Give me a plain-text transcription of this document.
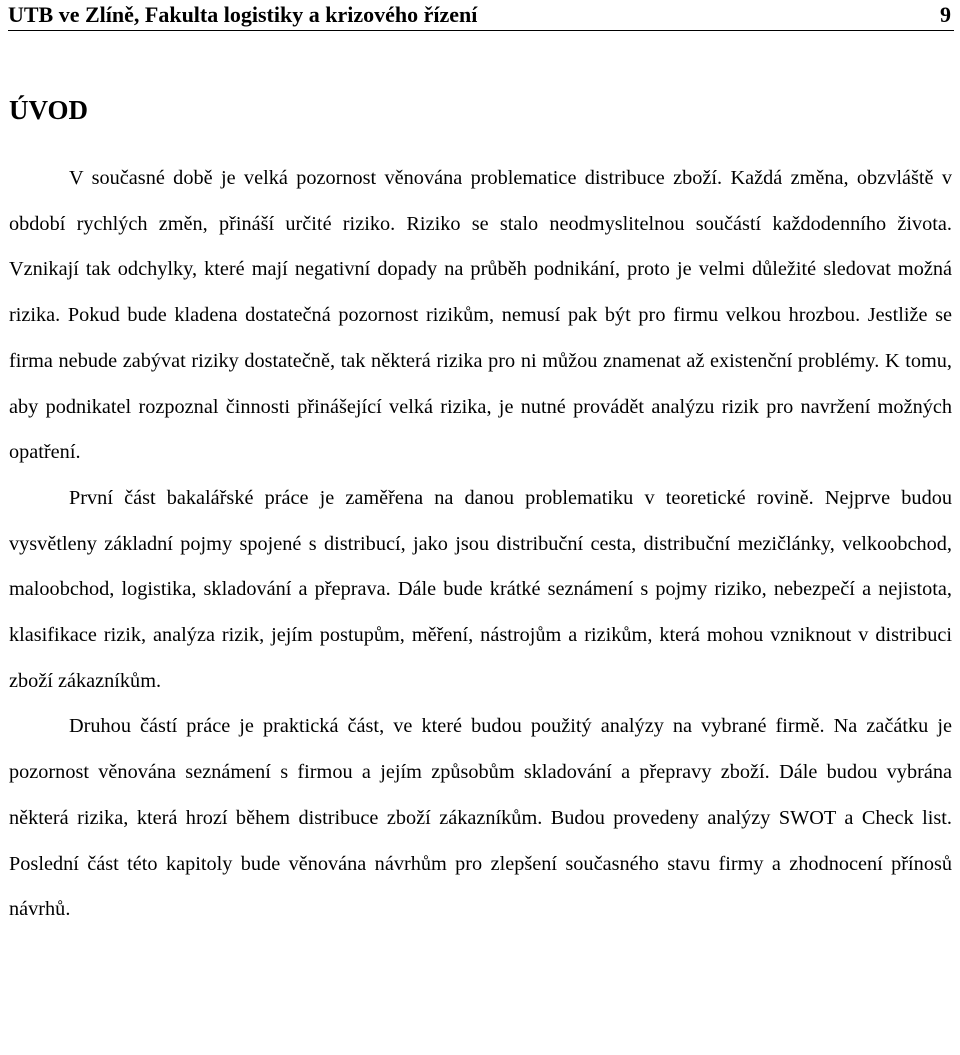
UTB ve Zlíně, Fakulta logistiky a krizového řízení	9
ÚVOD

V současné době je velká pozornost věnována problematice distribuce zboží. Každá změna, obzvláště v období rychlých změn, přináší určité riziko. Riziko se stalo neodmyslitelnou součástí každodenního života. Vznikají tak odchylky, které mají negativní dopady na průběh podnikání, proto je velmi důležité sledovat možná rizika. Pokud bude kladena dostatečná pozornost rizikům, nemusí pak být pro firmu velkou hrozbou. Jestliže se firma nebude zabývat riziky dostatečně, tak některá rizika pro ni můžou znamenat až existenční problémy. K tomu, aby podnikatel rozpoznal činnosti přinášející velká rizika, je nutné provádět analýzu rizik pro navržení možných opatření.

První část bakalářské práce je zaměřena na danou problematiku v teoretické rovině. Nejprve budou vysvětleny základní pojmy spojené s distribucí, jako jsou distribuční cesta, distribuční mezičlánky, velkoobchod, maloobchod, logistika, skladování a přeprava. Dále bude krátké seznámení s pojmy riziko, nebezpečí a nejistota, klasifikace rizik, analýza rizik, jejím postupům, měření, nástrojům a rizikům, která mohou vzniknout v distribuci zboží zákazníkům.

Druhou částí práce je praktická část, ve které budou použitý analýzy na vybrané firmě. Na začátku je pozornost věnována seznámení s firmou a jejím způsobům skladování a přepravy zboží. Dále budou vybrána některá rizika, která hrozí během distribuce zboží zákazníkům. Budou provedeny analýzy SWOT a Check list. Poslední část této kapitoly bude věnována návrhům pro zlepšení současného stavu firmy a zhodnocení přínosů návrhů.
